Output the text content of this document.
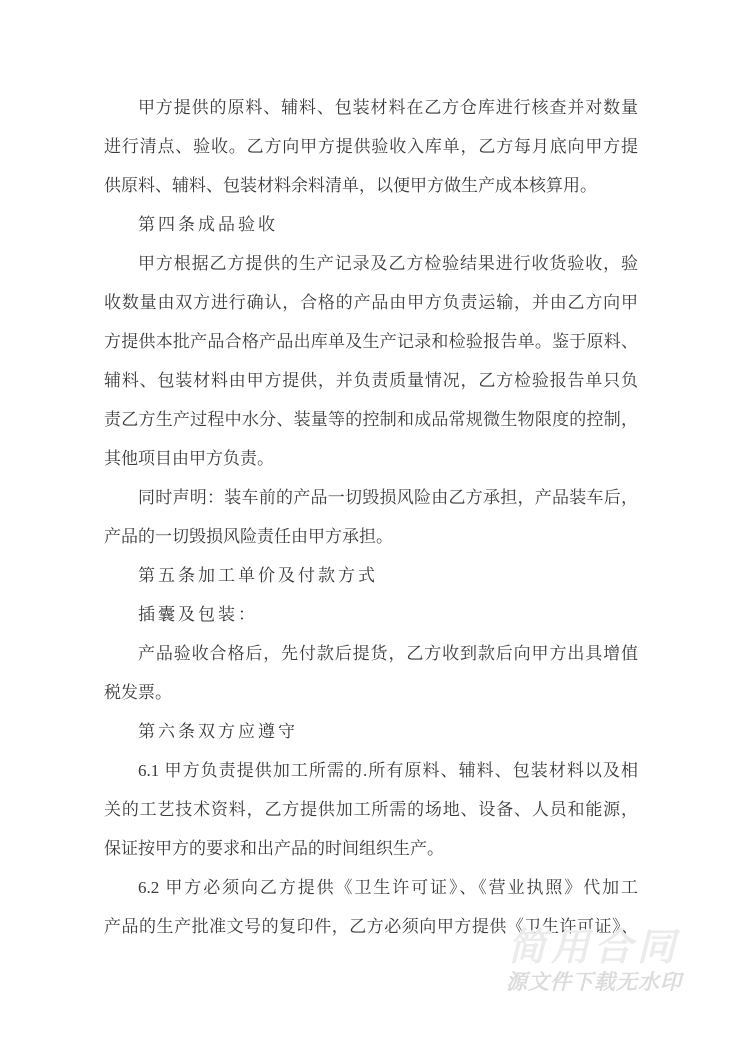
甲方提供的原料、辅料、包装材料在乙方仓库进行核查并对数量
进行清点、验收。乙方向甲方提供验收入库单，乙方每月底向甲方提
供原料、辅料、包装材料余料清单，以便甲方做生产成本核算用。
第四条成品验收
甲方根据乙方提供的生产记录及乙方检验结果进行收货验收，验
收数量由双方进行确认，合格的产品由甲方负责运输，并由乙方向甲
方提供本批产品合格产品出库单及生产记录和检验报告单。鉴于原料、
辅料、包装材料由甲方提供，并负责质量情况，乙方检验报告单只负
责乙方生产过程中水分、装量等的控制和成品常规微生物限度的控制，
其他项目由甲方负责。
同时声明：装车前的产品一切毁损风险由乙方承担，产品装车后，
产品的一切毁损风险责任由甲方承担。
第五条加工单价及付款方式
插囊及包装：
产品验收合格后，先付款后提货，乙方收到款后向甲方出具增值
税发票。
第六条双方应遵守
6.1 甲方负责提供加工所需的.所有原料、辅料、包装材料以及相
关的工艺技术资料，乙方提供加工所需的场地、设备、人员和能源，
保证按甲方的要求和出产品的时间组织生产。
6.2 甲方必须向乙方提供《卫生许可证》、《营业执照》代加工
产品的生产批准文号的复印件，乙方必须向甲方提供《卫生许可证》、
简用合同
源文件下载无水印
